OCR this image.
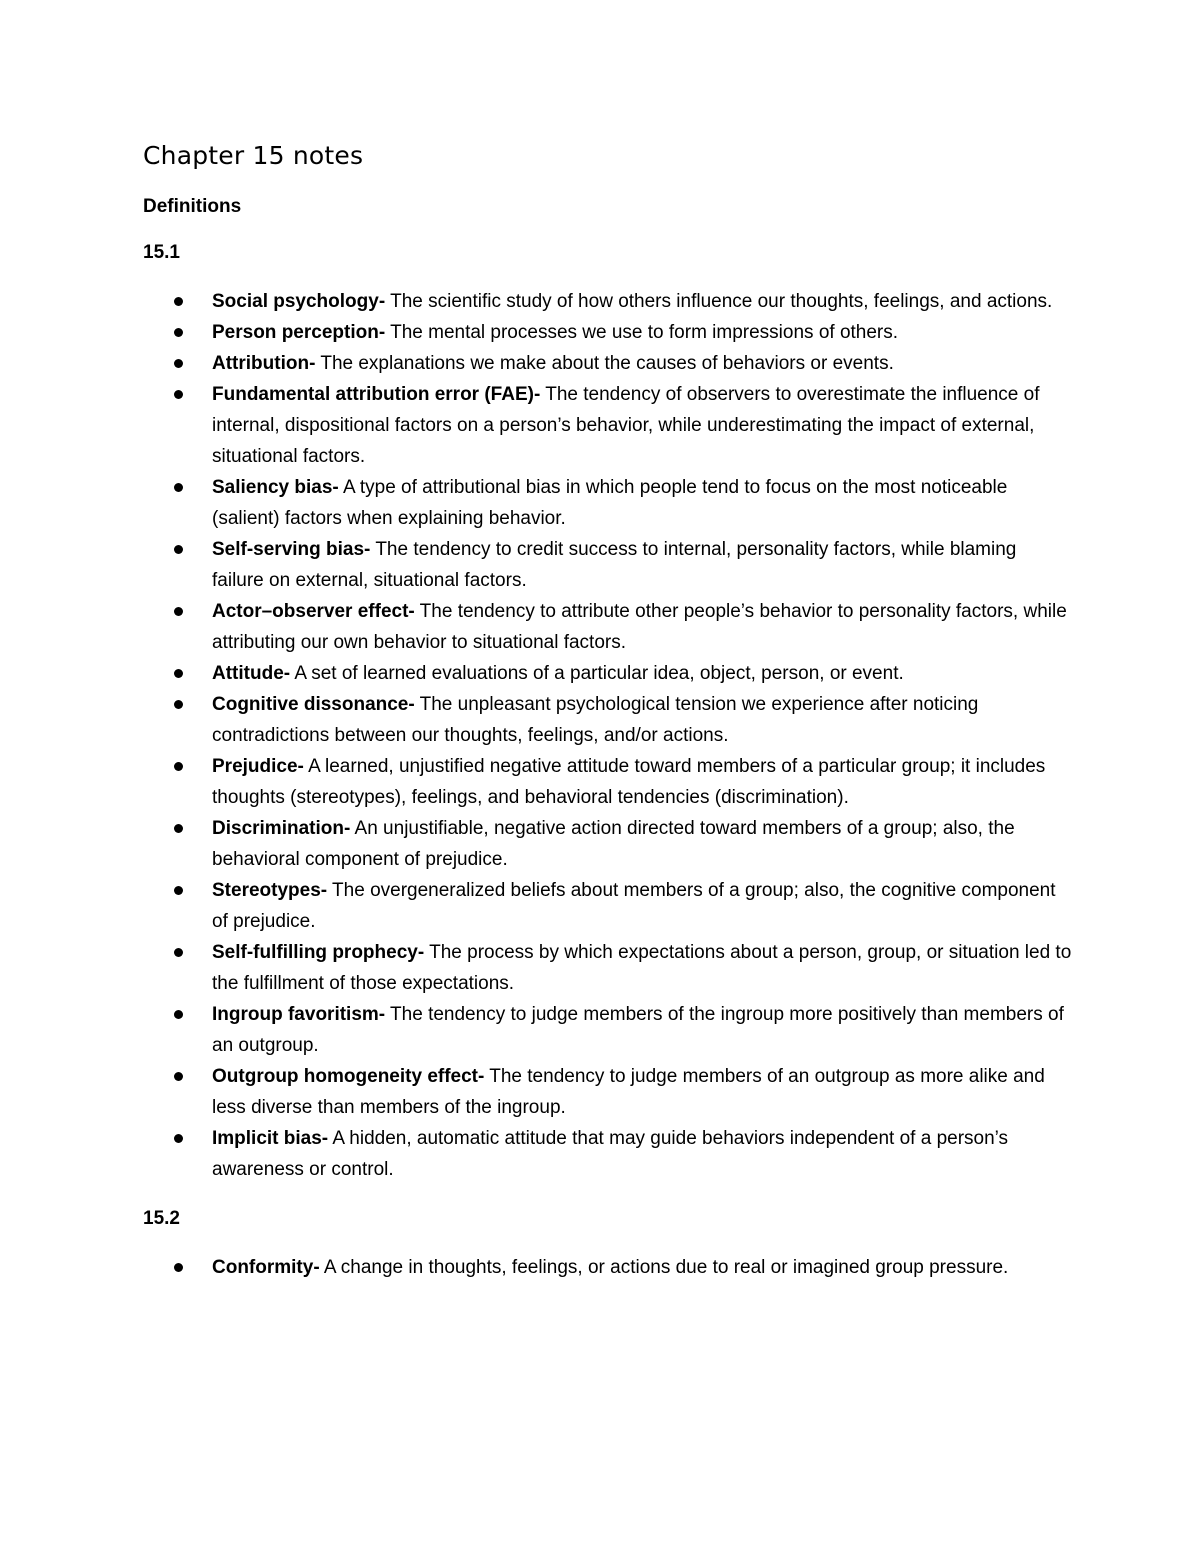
Chapter 15 notes
Definitions
15.1
Social psychology- The scientific study of how others influence our thoughts, feelings, and actions.
Person perception- The mental processes we use to form impressions of others.
Attribution- The explanations we make about the causes of behaviors or events.
Fundamental attribution error (FAE)- The tendency of observers to overestimate the influence of internal, dispositional factors on a person’s behavior, while underestimating the impact of external, situational factors.
Saliency bias- A type of attributional bias in which people tend to focus on the most noticeable (salient) factors when explaining behavior.
Self-serving bias- The tendency to credit success to internal, personality factors, while blaming failure on external, situational factors.
Actor–observer effect- The tendency to attribute other people’s behavior to personality factors, while attributing our own behavior to situational factors.
Attitude- A set of learned evaluations of a particular idea, object, person, or event.
Cognitive dissonance- The unpleasant psychological tension we experience after noticing contradictions between our thoughts, feelings, and/or actions.
Prejudice- A learned, unjustified negative attitude toward members of a particular group; it includes thoughts (stereotypes), feelings, and behavioral tendencies (discrimination).
Discrimination- An unjustifiable, negative action directed toward members of a group; also, the behavioral component of prejudice.
Stereotypes- The overgeneralized beliefs about members of a group; also, the cognitive component of prejudice.
Self-fulfilling prophecy- The process by which expectations about a person, group, or situation led to the fulfillment of those expectations.
Ingroup favoritism- The tendency to judge members of the ingroup more positively than members of an outgroup.
Outgroup homogeneity effect- The tendency to judge members of an outgroup as more alike and less diverse than members of the ingroup.
Implicit bias- A hidden, automatic attitude that may guide behaviors independent of a person’s awareness or control.
15.2
Conformity- A change in thoughts, feelings, or actions due to real or imagined group pressure.
